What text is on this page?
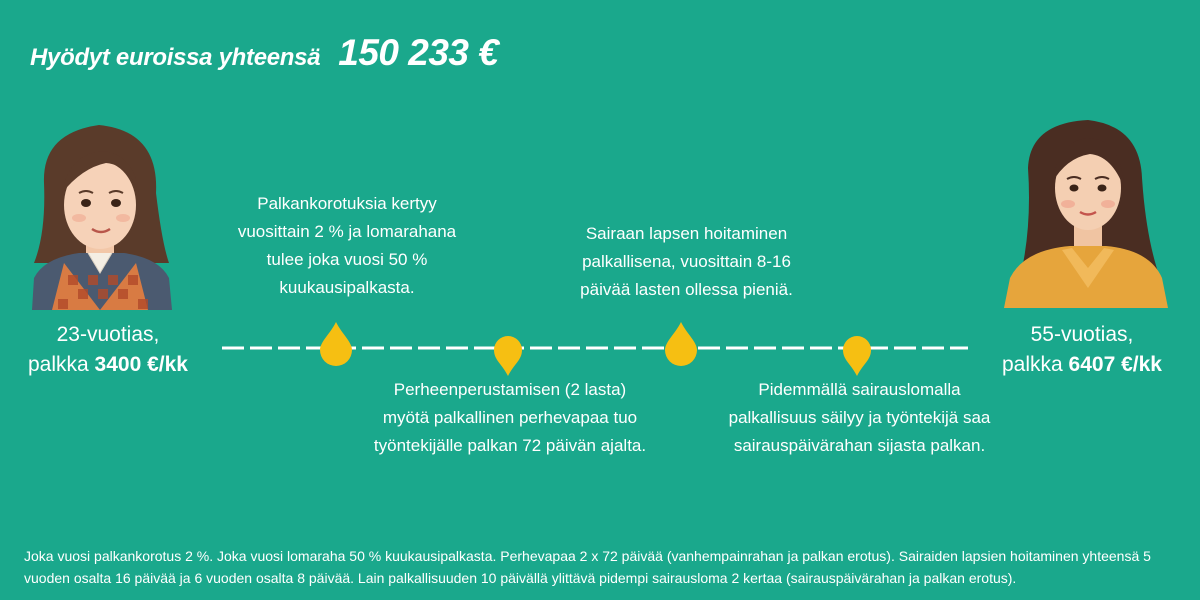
Hyödyt euroissa yhteensä 150 233 €
23-vuotias,
palkka 3400 €/kk
55-vuotias,
palkka 6407 €/kk
Palkankorotuksia kertyy
vuosittain 2 % ja lomarahana
tulee joka vuosi 50 %
kuukausipalkasta.
Sairaan lapsen hoitaminen
palkallisena, vuosittain 8-16
päivää lasten ollessa pieniä.
Perheenperustamisen (2 lasta)
myötä palkallinen perhevapaa tuo
työntekijälle palkan 72 päivän ajalta.
Pidemmällä sairauslomalla
palkallisuus säilyy ja työntekijä saa
sairauspäivärahan sijasta palkan.
Joka vuosi palkankorotus 2 %. Joka vuosi lomaraha 50 % kuukausipalkasta. Perhevapaa 2 x 72 päivää (vanhempainrahan ja palkan erotus). Sairaiden lapsien hoitaminen yhteensä 5 vuoden osalta 16 päivää ja 6 vuoden osalta 8 päivää. Lain palkallisuuden 10 päivällä ylittävä pidempi sairausloma 2 kertaa (sairauspäivärahan ja palkan erotus).
